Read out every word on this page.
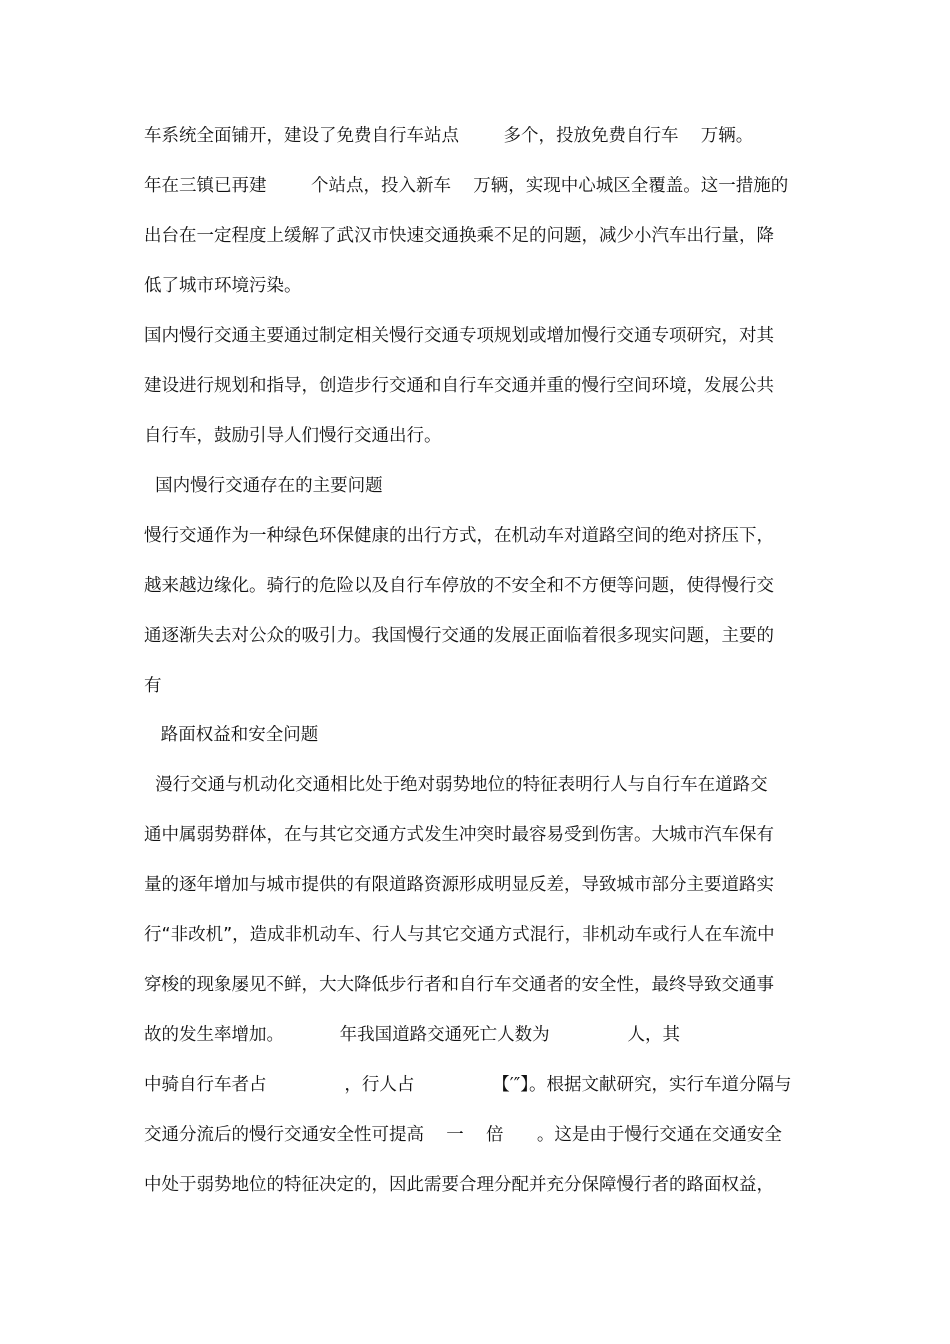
车系统全面铺开，建设了免费自行车站点        多个，投放免费自行车    万辆。
年在三镇已再建        个站点，投入新车    万辆，实现中心城区全覆盖。这一措施的
出台在一定程度上缓解了武汉市快速交通换乘不足的问题，减少小汽车出行量，降
低了城市环境污染。
国内慢行交通主要通过制定相关慢行交通专项规划或增加慢行交通专项研究，对其
建设进行规划和指导，创造步行交通和自行车交通并重的慢行空间环境，发展公共
自行车，鼓励引导人们慢行交通出行。
国内慢行交通存在的主要问题
慢行交通作为一种绿色环保健康的出行方式，在机动车对道路空间的绝对挤压下，
越来越边缘化。骑行的危险以及自行车停放的不安全和不方便等问题，使得慢行交
通逐渐失去对公众的吸引力。我国慢行交通的发展正面临着很多现实问题，主要的
有
路面权益和安全问题
漫行交通与机动化交通相比处于绝对弱势地位的特征表明行人与自行车在道路交
通中属弱势群体，在与其它交通方式发生冲突时最容易受到伤害。大城市汽车保有
量的逐年增加与城市提供的有限道路资源形成明显反差，导致城市部分主要道路实
行“非改机”，造成非机动车、行人与其它交通方式混行，非机动车或行人在车流中
穿梭的现象屡见不鲜，大大降低步行者和自行车交通者的安全性，最终导致交通事
故的发生率增加。          年我国道路交通死亡人数为              人，其
中骑自行车者占              ，行人占              【′″】。根据文献研究，实行车道分隔与
交通分流后的慢行交通安全性可提高    一    倍      。这是由于慢行交通在交通安全
中处于弱势地位的特征决定的，因此需要合理分配并充分保障慢行者的路面权益，
